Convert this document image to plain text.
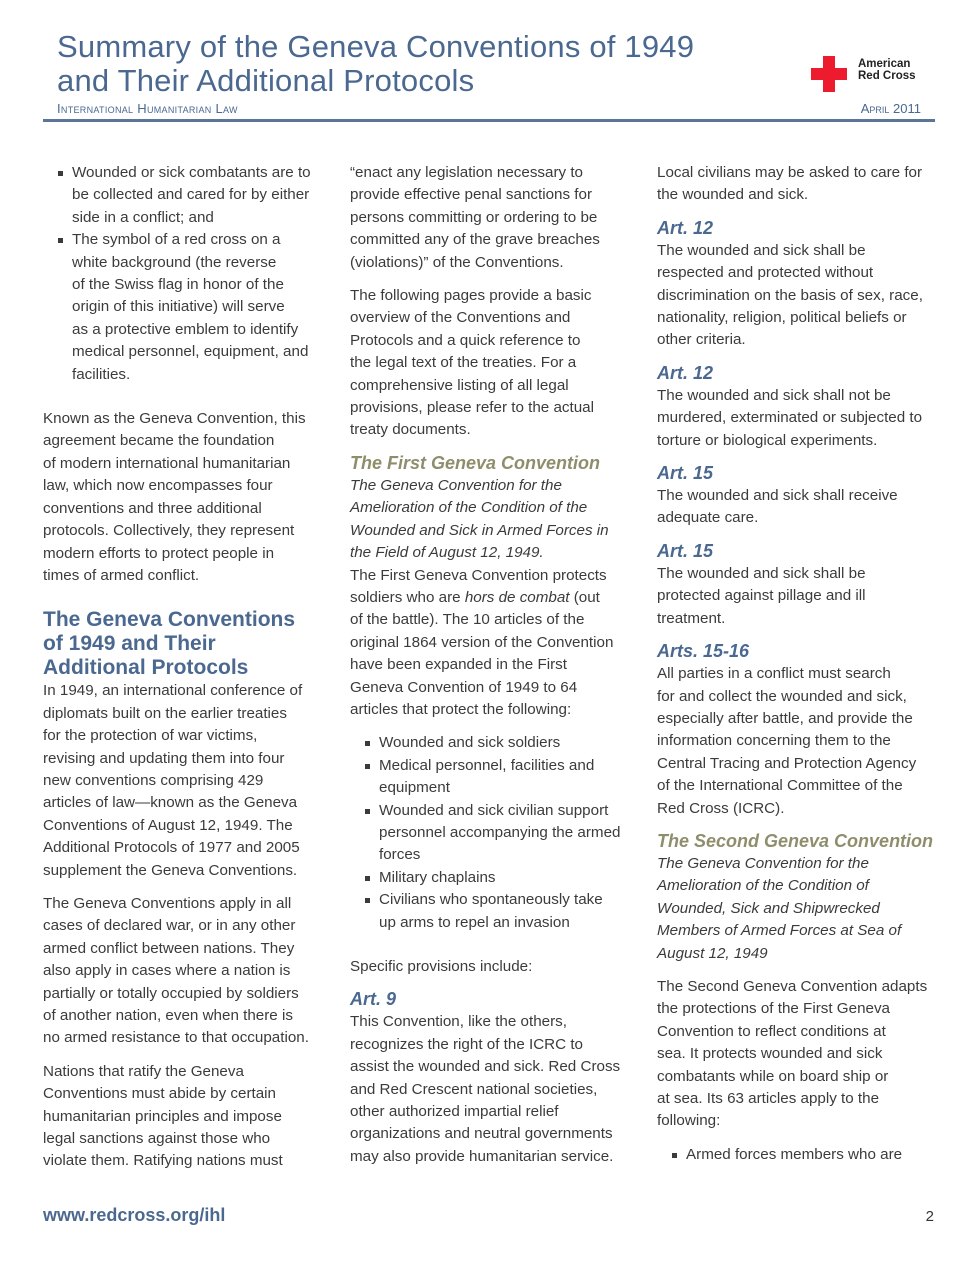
Summary of the Geneva Conventions of 1949
and Their Additional Protocols
International Humanitarian Law	April 2011
American
Red Cross
Wounded or sick combatants are to
be collected and cared for by either
side in a conflict; and
The symbol of a red cross on a
white background (the reverse
of the Swiss flag in honor of the
origin of this initiative) will serve
as a protective emblem to identify
medical personnel, equipment, and
facilities.
Known as the Geneva Convention, this
agreement became the foundation
of modern international humanitarian
law, which now encompasses four
conventions and three additional
protocols. Collectively, they represent
modern efforts to protect people in
times of armed conflict.
The Geneva Conventions
of 1949 and Their
Additional Protocols
In 1949, an international conference of
diplomats built on the earlier treaties
for the protection of war victims,
revising and updating them into four
new conventions comprising 429
articles of law—known as the Geneva
Conventions of August 12, 1949. The
Additional Protocols of 1977 and 2005
supplement the Geneva Conventions.
The Geneva Conventions apply in all
cases of declared war, or in any other
armed conflict between nations. They
also apply in cases where a nation is
partially or totally occupied by soldiers
of another nation, even when there is
no armed resistance to that occupation.
Nations that ratify the Geneva
Conventions must abide by certain
humanitarian principles and impose
legal sanctions against those who
violate them. Ratifying nations must
“enact any legislation necessary to
provide effective penal sanctions for
persons committing or ordering to be
committed any of the grave breaches
(violations)” of the Conventions.
The following pages provide a basic
overview of the Conventions and
Protocols and a quick reference to
the legal text of the treaties. For a
comprehensive listing of all legal
provisions, please refer to the actual
treaty documents.
The First Geneva Convention
The Geneva Convention for the
Amelioration of the Condition of the
Wounded and Sick in Armed Forces in
the Field of August 12, 1949.
The First Geneva Convention protects
soldiers who are hors de combat (out
of the battle). The 10 articles of the
original 1864 version of the Convention
have been expanded in the First
Geneva Convention of 1949 to 64
articles that protect the following:
Wounded and sick soldiers
Medical personnel, facilities and
equipment
Wounded and sick civilian support
personnel accompanying the armed
forces
Military chaplains
Civilians who spontaneously take
up arms to repel an invasion
Specific provisions include:
Art. 9
This Convention, like the others,
recognizes the right of the ICRC to
assist the wounded and sick. Red Cross
and Red Crescent national societies,
other authorized impartial relief
organizations and neutral governments
may also provide humanitarian service.
Local civilians may be asked to care for
the wounded and sick.
Art. 12
The wounded and sick shall be
respected and protected without
discrimination on the basis of sex, race,
nationality, religion, political beliefs or
other criteria.
Art. 12
The wounded and sick shall not be
murdered, exterminated or subjected to
torture or biological experiments.
Art. 15
The wounded and sick shall receive
adequate care.
Art. 15
The wounded and sick shall be
protected against pillage and ill
treatment.
Arts. 15-16
All parties in a conflict must search
for and collect the wounded and sick,
especially after battle, and provide the
information concerning them to the
Central Tracing and Protection Agency
of the International Committee of the
Red Cross (ICRC).
The Second Geneva Convention
The Geneva Convention for the
Amelioration of the Condition of
Wounded, Sick and Shipwrecked
Members of Armed Forces at Sea of
August 12, 1949
The Second Geneva Convention adapts
the protections of the First Geneva
Convention to reflect conditions at
sea. It protects wounded and sick
combatants while on board ship or
at sea. Its 63 articles apply to the
following:
Armed forces members who are
www.redcross.org/ihl	2
